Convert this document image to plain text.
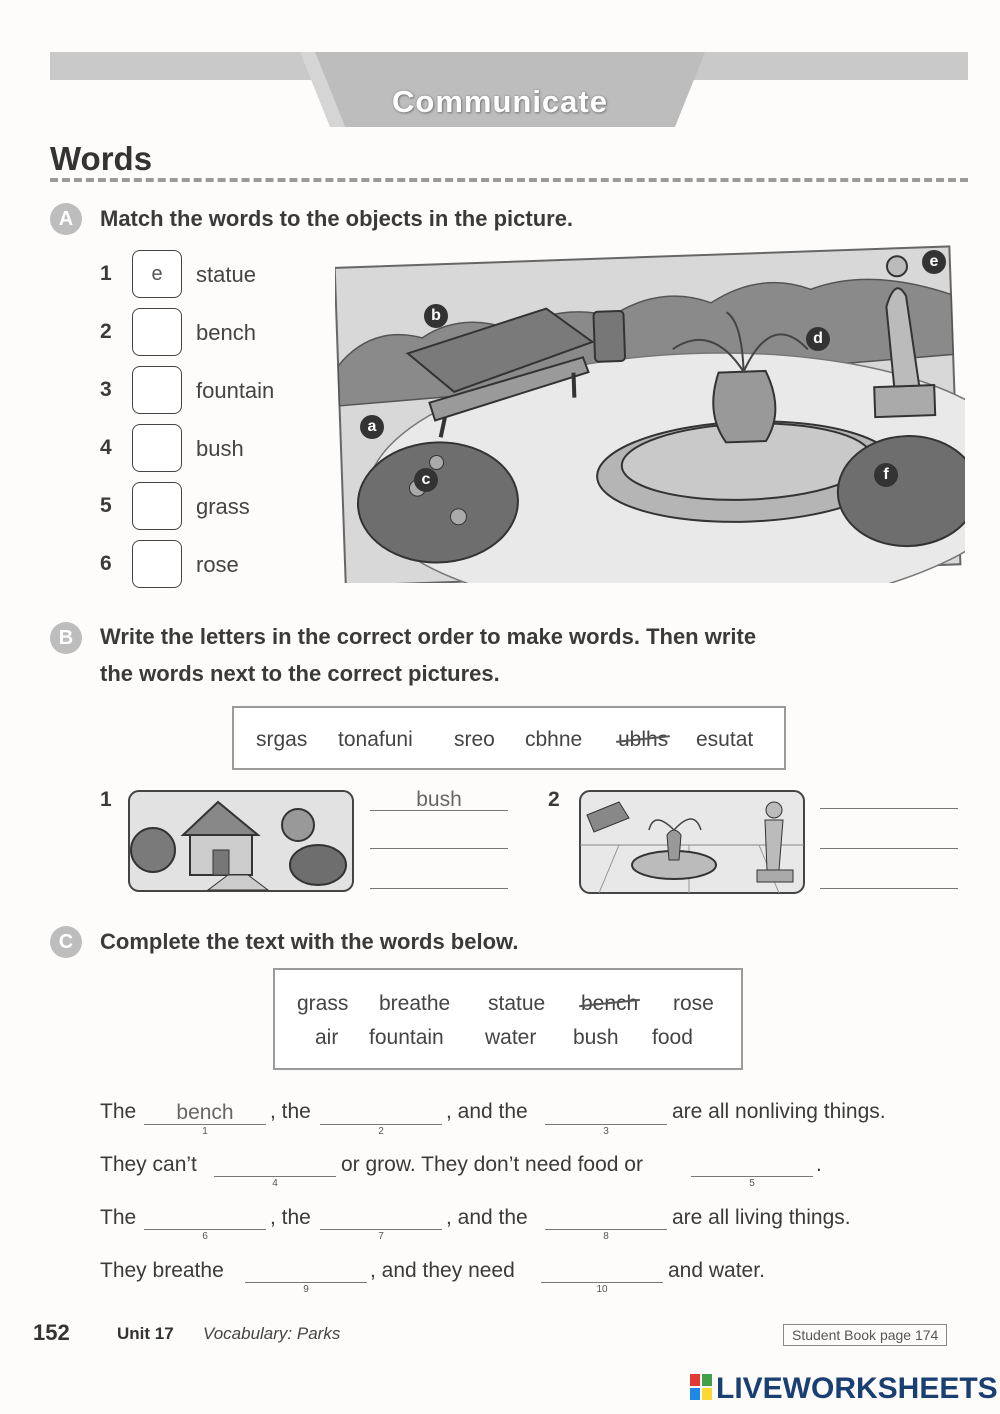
Communicate
Words
A	Match the words to the objects in the picture.
1	e	statue
2	bench
3	fountain
4	bush
5	grass
6	rose
e
b
d
a
c	f
B	Write the letters in the correct order to make words. Then write
the words next to the correct pictures.
srgas tonafuni sreo cbhne ublhs esutat
1	bush	2
C	Complete the text with the words below.
grass breathe statue bench rose
air fountain water bush food
The	bench
1
, the
2
, and the
3
are all nonliving things.
They can’t
4
or grow. They don’t need food or
5
.
The
6
, the
7
, and the
8
are all living things.
They breathe
9
, and they need
10
and water.
152	Unit 17 Vocabulary: Parks	Student Book page 174
LIVEWORKSHEETS
